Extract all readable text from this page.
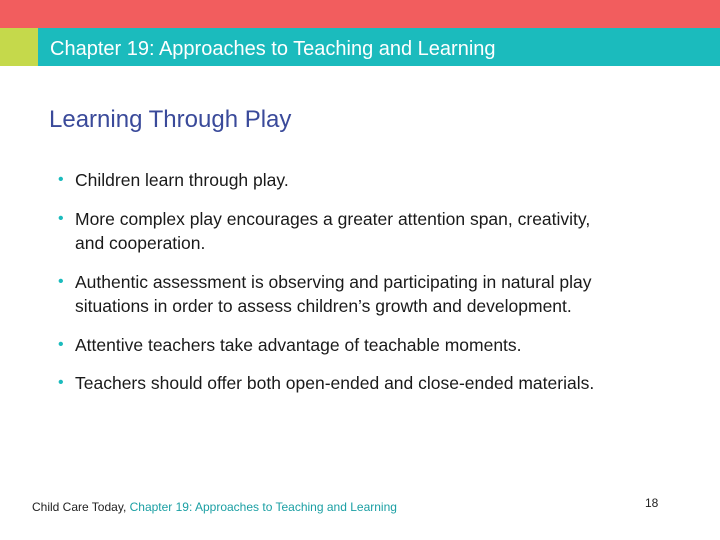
Chapter 19: Approaches to Teaching and Learning
Learning Through Play
• Children learn through play.
• More complex play encourages a greater attention span, creativity, and cooperation.
• Authentic assessment is observing and participating in natural play situations in order to assess children’s growth and development.
• Attentive teachers take advantage of teachable moments.
• Teachers should offer both open-ended and close-ended materials.
Child Care Today, Chapter 19: Approaches to Teaching and Learning	18
